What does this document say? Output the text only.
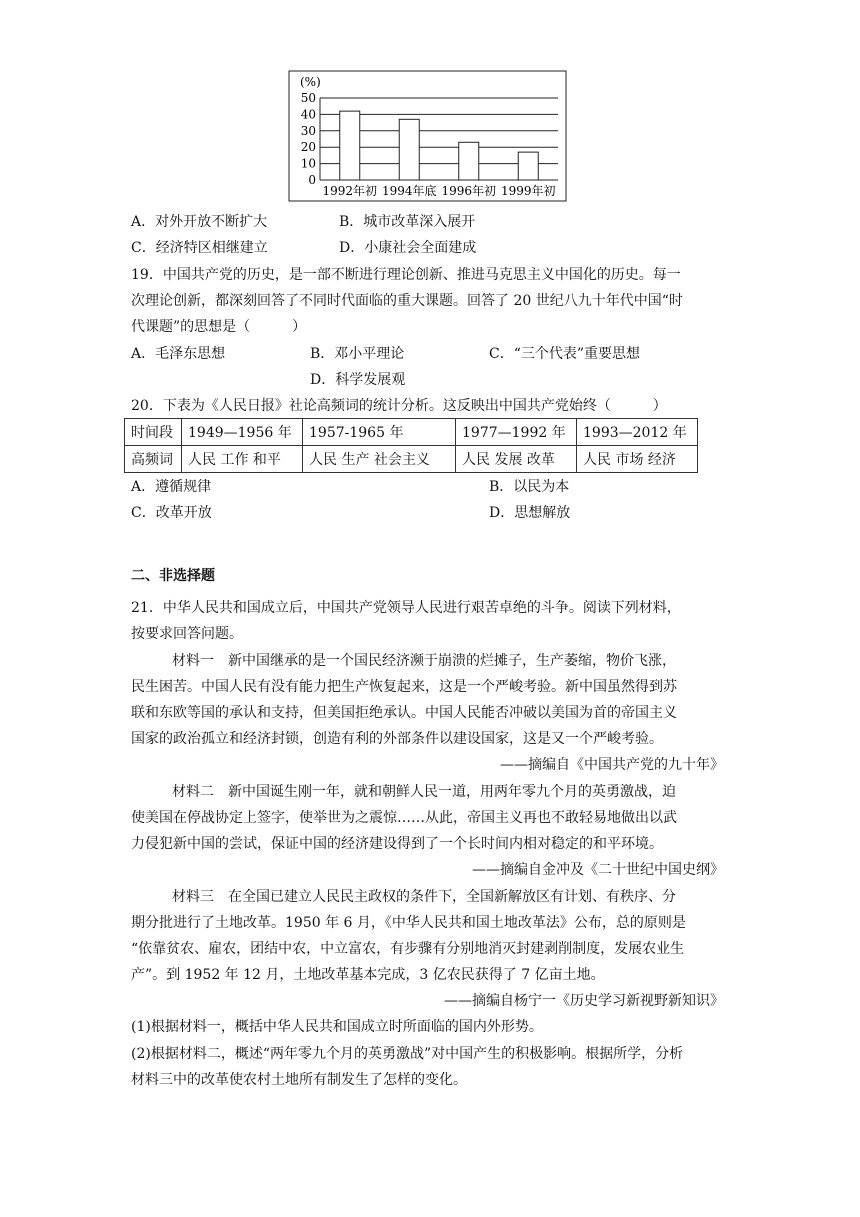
(%)
0
10
20
30
40
50
1992年初 1994年底 1996年初 1999年初
A．对外开放不断扩大	B．城市改革深入展开
C．经济特区相继建立	D．小康社会全面建成
19．中国共产党的历史，是一部不断进行理论创新、推进马克思主义中国化的历史。每一
次理论创新，都深刻回答了不同时代面临的重大课题。回答了 20 世纪八九十年代中国“时
代课题”的思想是（　　　）
A．毛泽东思想	B．邓小平理论	C．“三个代表”重要思想
D．科学发展观
20．下表为《人民日报》社论高频词的统计分析。这反映出中国共产党始终（　　　）
时间段	1949—1956 年	1957-1965 年	1977—1992 年	1993—2012 年
高频词	人民 工作 和平	人民 生产 社会主义	人民 发展 改革	人民 市场 经济
A．遵循规律	B．以民为本
C．改革开放	D．思想解放
二、非选择题
21．中华人民共和国成立后，中国共产党领导人民进行艰苦卓绝的斗争。阅读下列材料，
按要求回答问题。
材料一　新中国继承的是一个国民经济濒于崩溃的烂摊子，生产萎缩，物价飞涨，
民生困苦。中国人民有没有能力把生产恢复起来，这是一个严峻考验。新中国虽然得到苏
联和东欧等国的承认和支持，但美国拒绝承认。中国人民能否冲破以美国为首的帝国主义
国家的政治孤立和经济封锁，创造有利的外部条件以建设国家，这是又一个严峻考验。
——摘编自《中国共产党的九十年》
材料二　新中国诞生刚一年，就和朝鲜人民一道，用两年零九个月的英勇激战，迫
使美国在停战协定上签字，使举世为之震惊……从此，帝国主义再也不敢轻易地做出以武
力侵犯新中国的尝试，保证中国的经济建设得到了一个长时间内相对稳定的和平环境。
——摘编自金冲及《二十世纪中国史纲》
材料三　在全国已建立人民民主政权的条件下，全国新解放区有计划、有秩序、分
期分批进行了土地改革。1950 年 6 月，《中华人民共和国土地改革法》公布，总的原则是
“依靠贫农、雇农，团结中农，中立富农，有步骤有分别地消灭封建剥削制度，发展农业生
产”。到 1952 年 12 月，土地改革基本完成，3 亿农民获得了 7 亿亩土地。
——摘编自杨宁一《历史学习新视野新知识》
(1)根据材料一，概括中华人民共和国成立时所面临的国内外形势。
(2)根据材料二，概述“两年零九个月的英勇激战”对中国产生的积极影响。根据所学，分析
材料三中的改革使农村土地所有制发生了怎样的变化。
